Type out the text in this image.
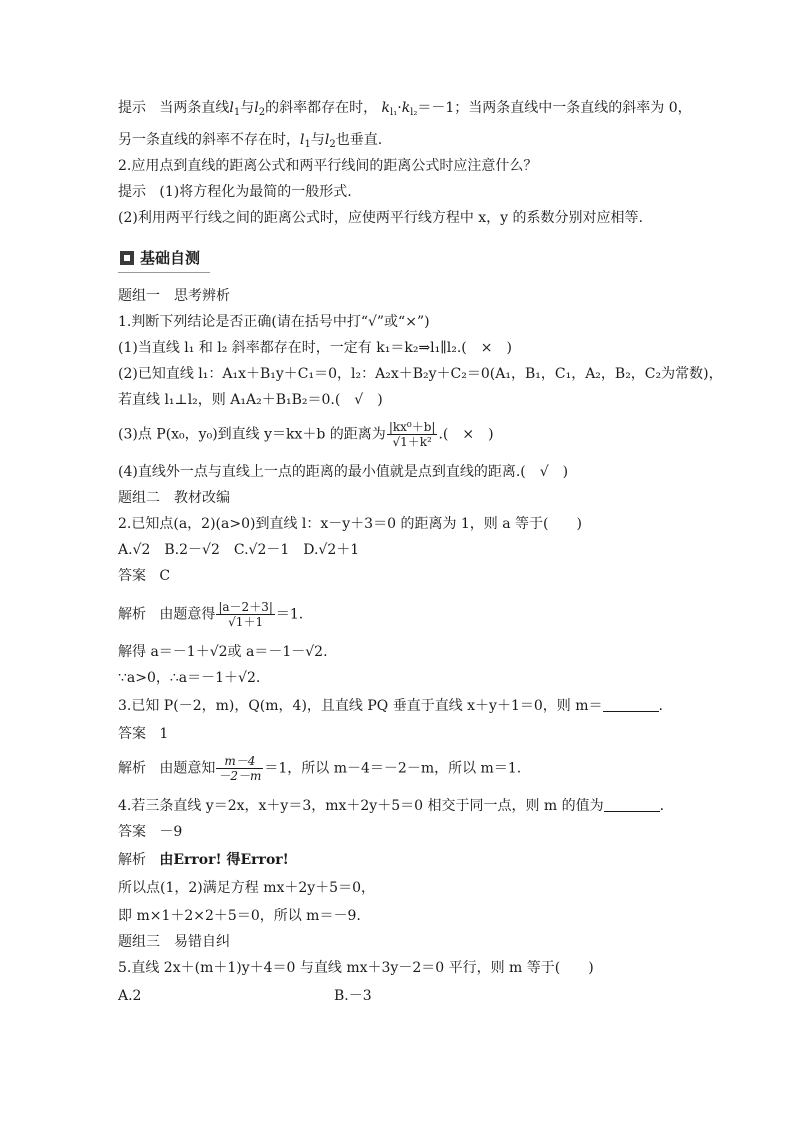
提示 当两条直线$l_1$与$l_2$的斜率都存在时， $k_{l_1}\cdot k_{l_2}=-1$；当两条直线中一条直线的斜率为 0，
另一条直线的斜率不存在时，$l_1$与$l_2$也垂直.
2.应用点到直线的距离公式和两平行线间的距离公式时应注意什么？
提示 (1)将方程化为最简的一般形式.
(2)利用两平行线之间的距离公式时，应使两平行线方程中 x，y 的系数分别对应相等.
基础自测
题组一　思考辨析
1.判断下列结论是否正确(请在括号中打“√”或“×”)
(1)当直线 l₁ 和 l₂ 斜率都存在时，一定有 k₁＝k₂⇒l₁∥l₂.(　×　)
(2)已知直线 l₁：A₁x＋B₁y＋C₁＝0，l₂：A₂x＋B₂y＋C₂＝0(A₁，B₁，C₁，A₂，B₂，C₂为常数)，
若直线 l₁⊥l₂，则 A₁A₂＋B₁B₂＝0.(　√　)
(3)点 P(x₀，y₀)到直线 y＝kx＋b 的距离为 $\frac{\text{|kx⁰＋b|}}{\text{√1＋k²}}$ .(　×　)
(4)直线外一点与直线上一点的距离的最小值就是点到直线的距离.(　√　)
题组二　教材改编
2.已知点(a，2)(a>0)到直线 l：x－y＋3＝0 的距离为 1，则 a 等于(　　)
A.√2　B.2－√2　C.√2－1　D.√2＋1
答案 C
解析 由题意得 $\frac{|a-2+3|}{√1+1} =1$.
解得 a＝－1＋√2或 a＝－1－√2.
∵a>0，∴a＝－1＋√2.
3.已知 P(－2，m)，Q(m，4)，且直线 PQ 垂直于直线 x＋y＋1＝0，则 m＝	.
答案 1
解析 由题意知 $\frac{m-4}{-2-m} =1$，所以 m－4＝－2－m，所以 m＝1.
4.若三条直线 y＝2x，x＋y＝3，mx＋2y＋5＝0 相交于同一点，则 m 的值为	.
答案 －9
解析 由Error! 得Error!
所以点(1，2)满足方程 mx＋2y＋5＝0，
即 m×1＋2×2＋5＝0，所以 m＝－9.
题组三　易错自纠
5.直线 2x＋(m＋1)y＋4＝0 与直线 mx＋3y－2＝0 平行，则 m 等于(　　)
A.2	B.－3
